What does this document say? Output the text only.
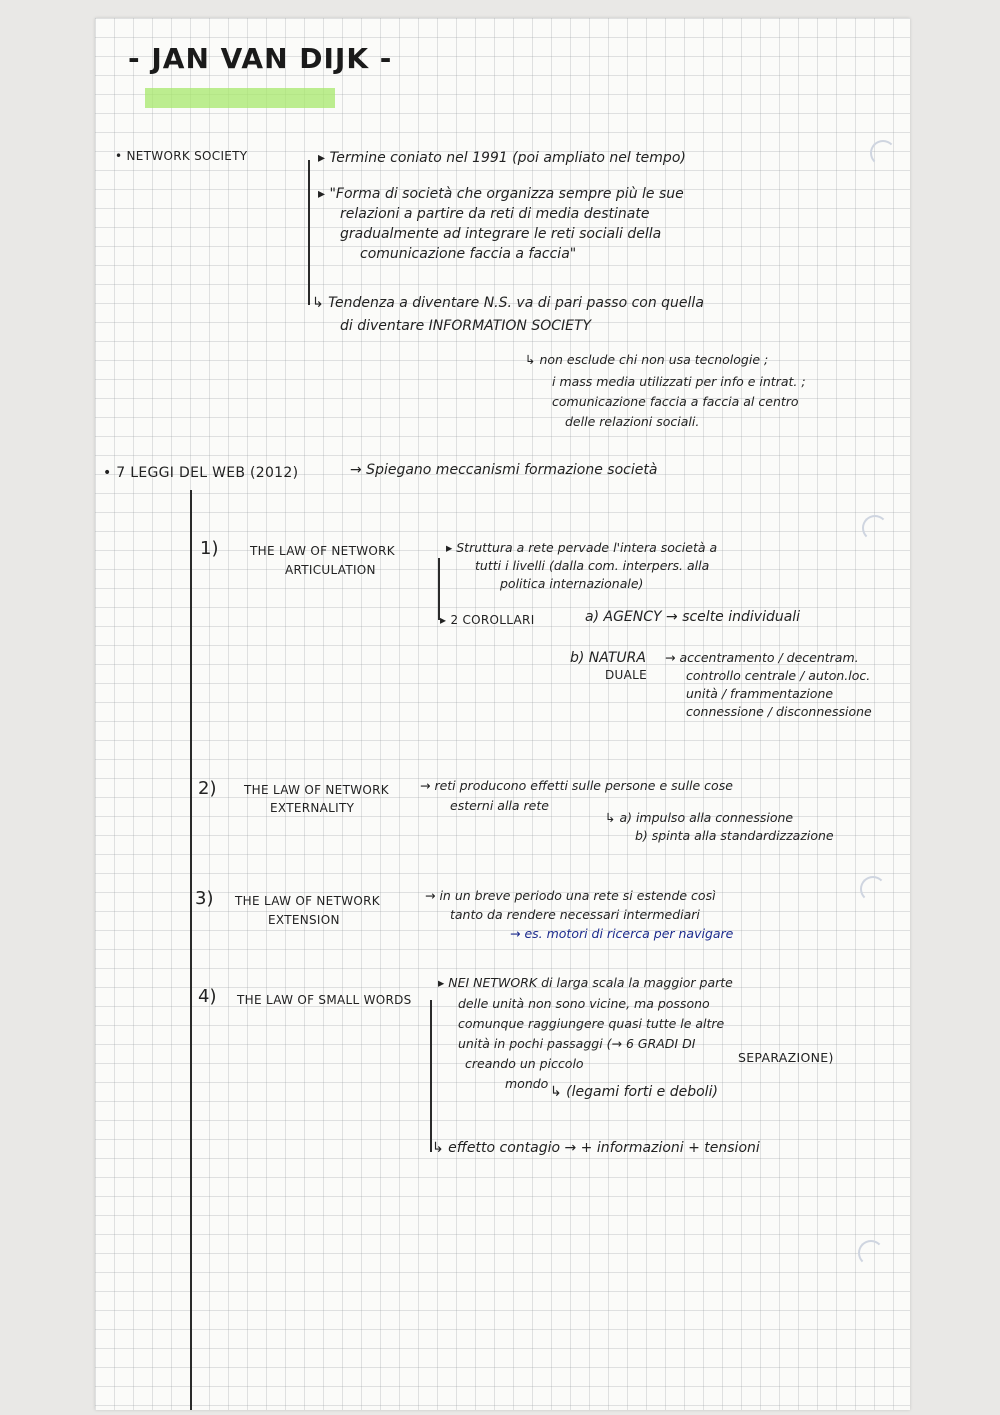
- JAN VAN DIJK -
• NETWORK SOCIETY	▸ Termine coniato nel 1991 (poi ampliato nel tempo)
▸ "Forma di società che organizza sempre più le sue
relazioni a partire da reti di media destinate
gradualmente ad integrare le reti sociali della
comunicazione faccia a faccia"
↳ Tendenza a diventare N.S. va di pari passo con quella
di diventare INFORMATION SOCIETY
↳ non esclude chi non usa tecnologie ;
i mass media utilizzati per info e intrat. ;
comunicazione faccia a faccia al centro
delle relazioni sociali.
• 7 LEGGI DEL WEB (2012)	→ Spiegano meccanismi formazione società
1)	THE LAW OF NETWORK
ARTICULATION
▸ Struttura a rete pervade l'intera società a
tutti i livelli (dalla com. interpers. alla
politica internazionale)
▸ 2 COROLLARI	a) AGENCY → scelte individuali
b) NATURA
DUALE
→ accentramento / decentram.
controllo centrale / auton.loc.
unità / frammentazione
connessione / disconnessione
2) THE LAW OF NETWORK
EXTERNALITY
→ reti producono effetti sulle persone e sulle cose
esterni alla rete
↳ a) impulso alla connessione
b) spinta alla standardizzazione
3) THE LAW OF NETWORK
EXTENSION
→ in un breve periodo una rete si estende così
tanto da rendere necessari intermediari
→ es. motori di ricerca per navigare
4) THE LAW OF SMALL WORDS
▸ NEI NETWORK di larga scala la maggior parte
delle unità non sono vicine, ma possono
comunque raggiungere quasi tutte le altre
unità in pochi passaggi (→ 6 GRADI DI
SEPARAZIONE)
creando un piccolo
mondo
↳ (legami forti e deboli)
↳ effetto contagio → + informazioni + tensioni
